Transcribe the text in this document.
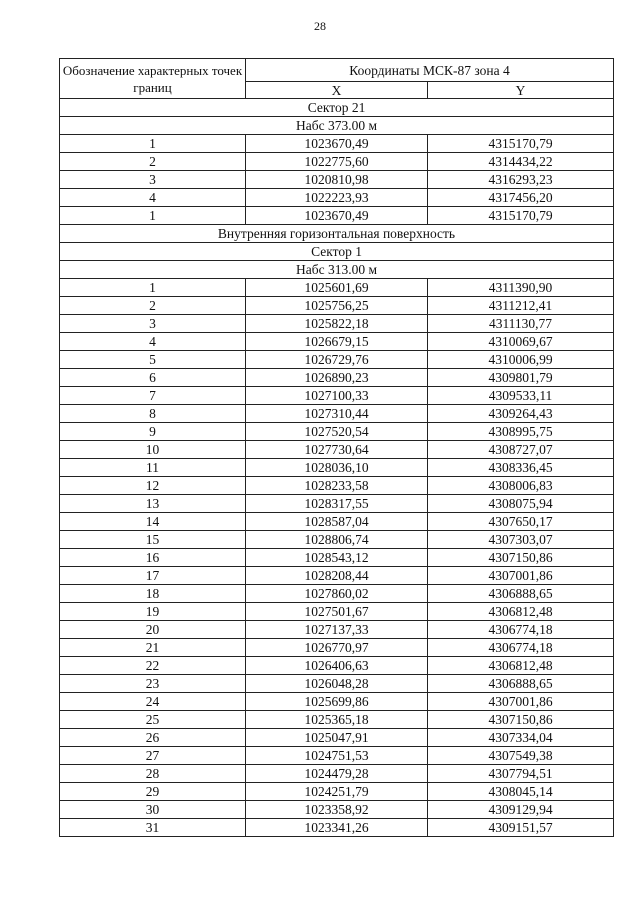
28
Обозначение характерных точек границ	Координаты МСК-87 зона 4	
	X	Y
Сектор 21		
Набс 373.00 м		
1	1023670,49	4315170,79
2	1022775,60	4314434,22
3	1020810,98	4316293,23
4	1022223,93	4317456,20
1	1023670,49	4315170,79
Внутренняя горизонтальная поверхность		
Сектор 1		
Набс 313.00 м		
1	1025601,69	4311390,90
2	1025756,25	4311212,41
3	1025822,18	4311130,77
4	1026679,15	4310069,67
5	1026729,76	4310006,99
6	1026890,23	4309801,79
7	1027100,33	4309533,11
8	1027310,44	4309264,43
9	1027520,54	4308995,75
10	1027730,64	4308727,07
11	1028036,10	4308336,45
12	1028233,58	4308006,83
13	1028317,55	4308075,94
14	1028587,04	4307650,17
15	1028806,74	4307303,07
16	1028543,12	4307150,86
17	1028208,44	4307001,86
18	1027860,02	4306888,65
19	1027501,67	4306812,48
20	1027137,33	4306774,18
21	1026770,97	4306774,18
22	1026406,63	4306812,48
23	1026048,28	4306888,65
24	1025699,86	4307001,86
25	1025365,18	4307150,86
26	1025047,91	4307334,04
27	1024751,53	4307549,38
28	1024479,28	4307794,51
29	1024251,79	4308045,14
30	1023358,92	4309129,94
31	1023341,26	4309151,57
